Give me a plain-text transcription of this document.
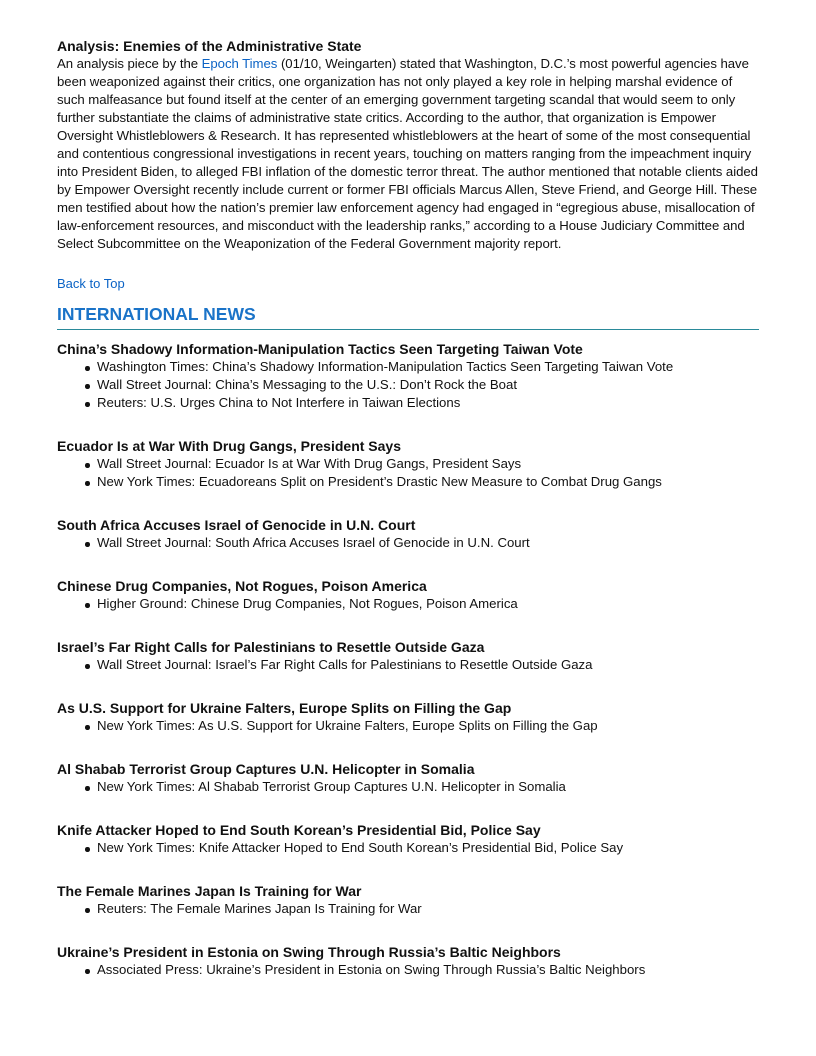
Analysis: Enemies of the Administrative State

An analysis piece by the Epoch Times (01/10, Weingarten) stated that Washington, D.C.’s most powerful agencies have been weaponized against their critics, one organization has not only played a key role in helping marshal evidence of such malfeasance but found itself at the center of an emerging government targeting scandal that would seem to only further substantiate the claims of administrative state critics. According to the author, that organization is Empower Oversight Whistleblowers & Research. It has represented whistleblowers at the heart of some of the most consequential and contentious congressional investigations in recent years, touching on matters ranging from the impeachment inquiry into President Biden, to alleged FBI inflation of the domestic terror threat. The author mentioned that notable clients aided by Empower Oversight recently include current or former FBI officials Marcus Allen, Steve Friend, and George Hill. These men testified about how the nation’s premier law enforcement agency had engaged in “egregious abuse, misallocation of law-enforcement resources, and misconduct with the leadership ranks,” according to a House Judiciary Committee and Select Subcommittee on the Weaponization of the Federal Government majority report.

Back to Top
INTERNATIONAL NEWS

China’s Shadowy Information-Manipulation Tactics Seen Targeting Taiwan Vote

Washington Times: China’s Shadowy Information-Manipulation Tactics Seen Targeting Taiwan Vote
Wall Street Journal: China’s Messaging to the U.S.: Don’t Rock the Boat
Reuters: U.S. Urges China to Not Interfere in Taiwan Elections

Ecuador Is at War With Drug Gangs, President Says

Wall Street Journal: Ecuador Is at War With Drug Gangs, President Says
New York Times: Ecuadoreans Split on President’s Drastic New Measure to Combat Drug Gangs

South Africa Accuses Israel of Genocide in U.N. Court

Wall Street Journal: South Africa Accuses Israel of Genocide in U.N. Court

Chinese Drug Companies, Not Rogues, Poison America

Higher Ground: Chinese Drug Companies, Not Rogues, Poison America

Israel’s Far Right Calls for Palestinians to Resettle Outside Gaza

Wall Street Journal: Israel’s Far Right Calls for Palestinians to Resettle Outside Gaza

As U.S. Support for Ukraine Falters, Europe Splits on Filling the Gap

New York Times: As U.S. Support for Ukraine Falters, Europe Splits on Filling the Gap

Al Shabab Terrorist Group Captures U.N. Helicopter in Somalia

New York Times: Al Shabab Terrorist Group Captures U.N. Helicopter in Somalia

Knife Attacker Hoped to End South Korean’s Presidential Bid, Police Say

New York Times: Knife Attacker Hoped to End South Korean’s Presidential Bid, Police Say

The Female Marines Japan Is Training for War

Reuters: The Female Marines Japan Is Training for War

Ukraine’s President in Estonia on Swing Through Russia’s Baltic Neighbors

Associated Press: Ukraine’s President in Estonia on Swing Through Russia’s Baltic Neighbors
